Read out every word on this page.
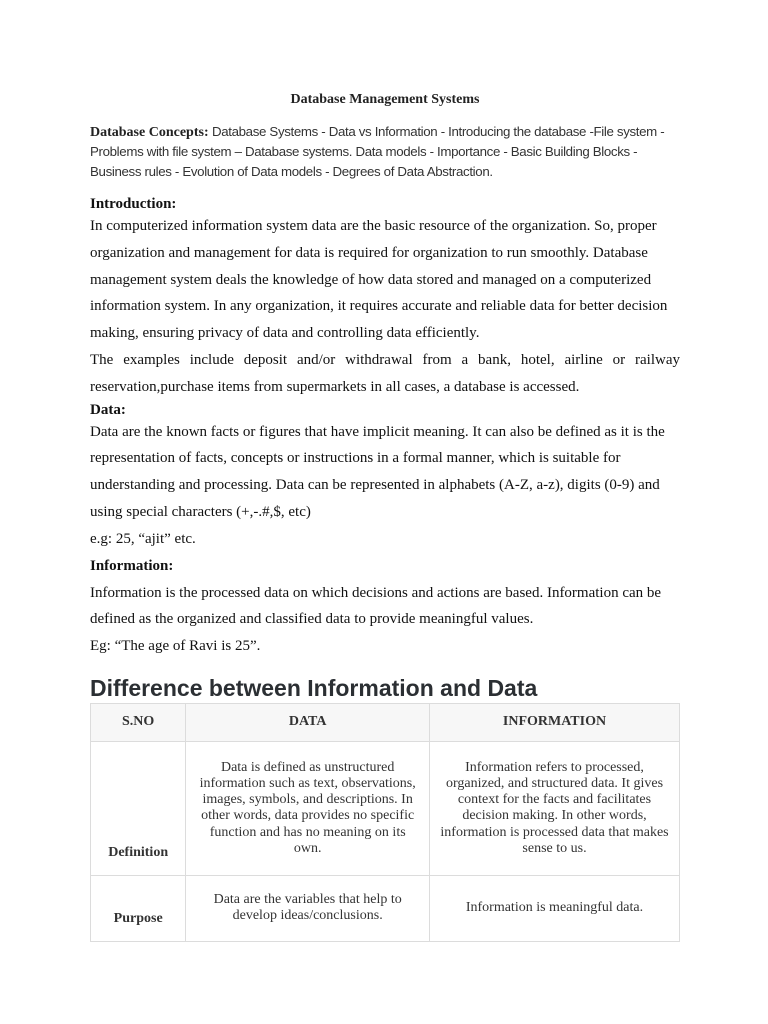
Database Management Systems

Database Concepts: Database Systems - Data vs Information - Introducing the database -File system - Problems with file system – Database systems. Data models - Importance - Basic Building Blocks - Business rules - Evolution of Data models - Degrees of Data Abstraction.

Introduction:

In computerized information system data are the basic resource of the organization. So, proper organization and management for data is required for organization to run smoothly. Database management system deals the knowledge of how data stored and managed on a computerized information system. In any organization, it requires accurate and reliable data for better decision making, ensuring privacy of data and controlling data efficiently.

The examples include deposit and/or withdrawal from a bank, hotel, airline or railway

reservation,purchase items from supermarkets in all cases, a database is accessed.

Data:

Data are the known facts or figures that have implicit meaning. It can also be defined as it is the representation of facts, concepts or instructions in a formal manner, which is suitable for understanding and processing. Data can be represented in alphabets (A-Z, a-z), digits (0-9) and using special characters (+,-.#,$, etc)

e.g: 25, “ajit” etc.

Information:

Information is the processed data on which decisions and actions are based. Information can be defined as the organized and classified data to provide meaningful values.

Eg: “The age of Ravi is 25”.

Difference between Information and Data
S.NO	DATA	INFORMATION
Definition	Data is defined as unstructured information such as text, observations, images, symbols, and descriptions. In other words, data provides no specific function and has no meaning on its own.	Information refers to processed, organized, and structured data. It gives context for the facts and facilitates decision making. In other words, information is processed data that makes sense to us.
Purpose	Data are the variables that help to develop ideas/conclusions.	Information is meaningful data.
